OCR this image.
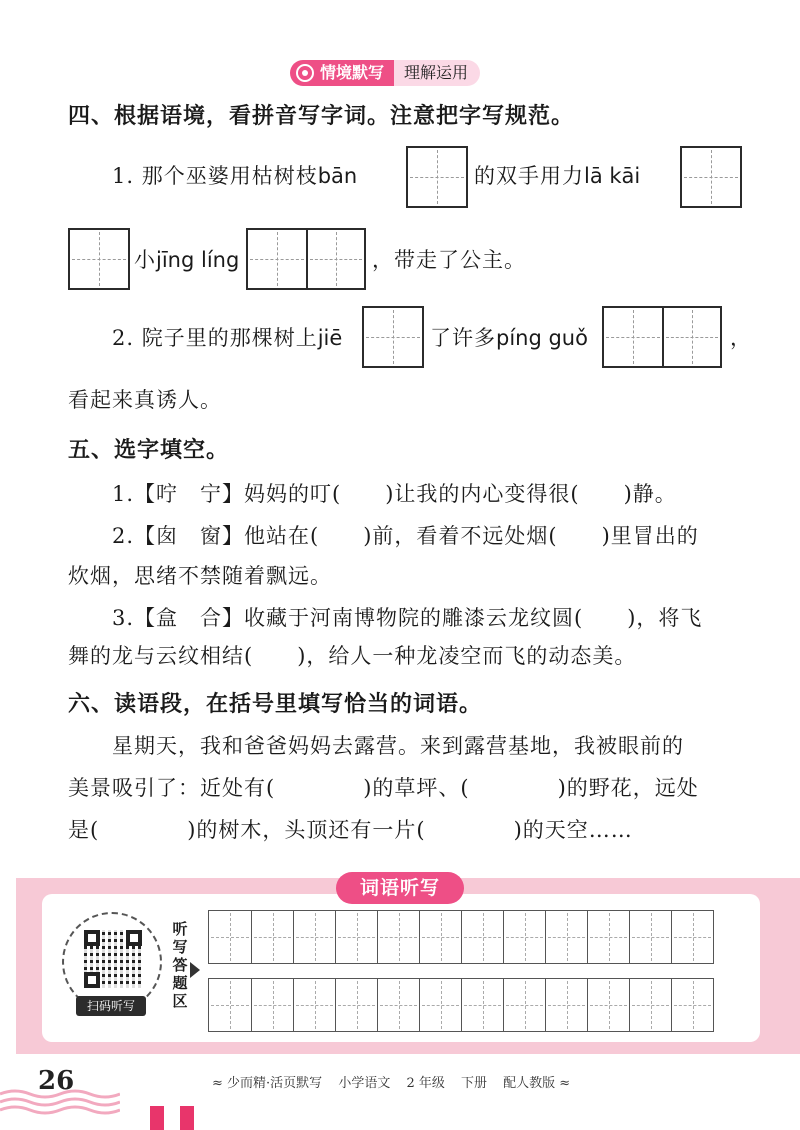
情境默写	理解运用
四、根据语境，看拼音写字词。注意把字写规范。
1. 那个巫婆用枯树枝bān	的双手用力lā kāi
小jīng líng	，带走了公主。
2. 院子里的那棵树上jiē	了许多píng guǒ	，
看起来真诱人。
五、选字填空。
1.【咛　宁】妈妈的叮(　　)让我的内心变得很(　　)静。
2.【囱　窗】他站在(　　)前，看着不远处烟(　　)里冒出的
炊烟，思绪不禁随着飘远。
3.【盒　合】收藏于河南博物院的雕漆云龙纹圆(　　)，将飞
舞的龙与云纹相结(　　)，给人一种龙凌空而飞的动态美。
六、读语段，在括号里填写恰当的词语。
星期天，我和爸爸妈妈去露营。来到露营基地，我被眼前的
美景吸引了：近处有(　　　　)的草坪、(　　　　)的野花，远处
是(　　　　)的树木，头顶还有一片(　　　　)的天空……
词语听写
扫码听写
听写答题区
26	≈ 少而精·活页默写 小学语文 2 年级 下册 配人教版 ≈
